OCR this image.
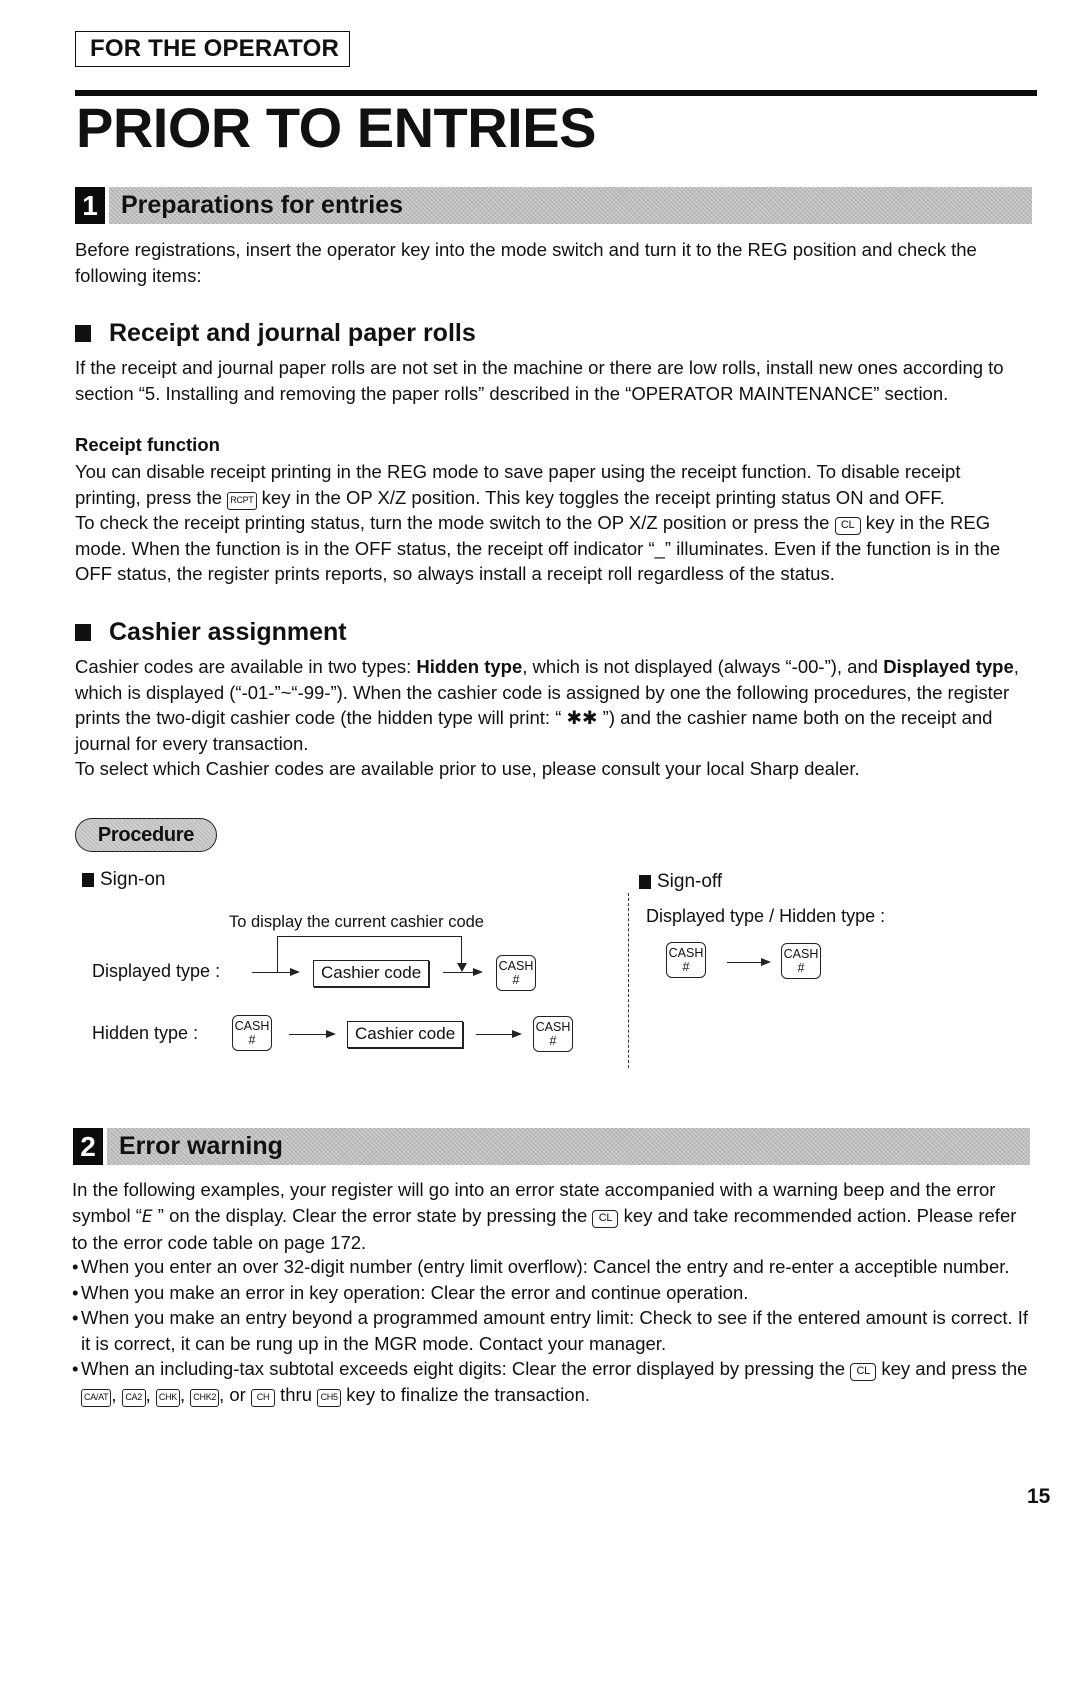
FOR THE OPERATOR
PRIOR TO ENTRIES
1 Preparations for entries
Before registrations, insert the operator key into the mode switch and turn it to the REG position and check the following items:
Receipt and journal paper rolls
If the receipt and journal paper rolls are not set in the machine or there are low rolls, install new ones according to section “5. Installing and removing the paper rolls” described in the “OPERATOR MAINTENANCE” section.
Receipt function
You can disable receipt printing in the REG mode to save paper using the receipt function. To disable receipt
printing, press the RCPT key in the OP X/Z position. This key toggles the receipt printing status ON and OFF.
To check the receipt printing status, turn the mode switch to the OP X/Z position or press the CL key in the REG mode. When the function is in the OFF status, the receipt off indicator “_” illuminates. Even if the function is in the OFF status, the register prints reports, so always install a receipt roll regardless of the status.
Cashier assignment
Cashier codes are available in two types: Hidden type, which is not displayed (always “-00-”), and Displayed type, which is displayed (“-01-”~“-99-”). When the cashier code is assigned by one the following procedures, the register prints the two-digit cashier code (the hidden type will print: “ ✱✱ ”) and the cashier name both on the receipt and journal for every transaction.
To select which Cashier codes are available prior to use, please consult your local Sharp dealer.
Procedure
Sign-on
To display the current cashier code
Displayed type :	Cashier code	CASH
#
Hidden type :	CASH
#	Cashier code	CASH
#
Sign-off
Displayed type / Hidden type :
CASH
#
CASH
#
2 Error warning
In the following examples, your register will go into an error state accompanied with a warning beep and the error symbol “E ” on the display. Clear the error state by pressing the CL key and take recommended action. Please refer to the error code table on page 172.
• When you enter an over 32-digit number (entry limit overflow): Cancel the entry and re-enter a acceptible number.
• When you make an error in key operation: Clear the error and continue operation.
• When you make an entry beyond a programmed amount entry limit: Check to see if the entered amount is correct. If it is correct, it can be rung up in the MGR mode. Contact your manager.
• When an including-tax subtotal exceeds eight digits: Clear the error displayed by pressing the CL key and press the CA/AT , CA2 , CHK , CHK2 , or CH thru CH5 key to finalize the transaction.
15
